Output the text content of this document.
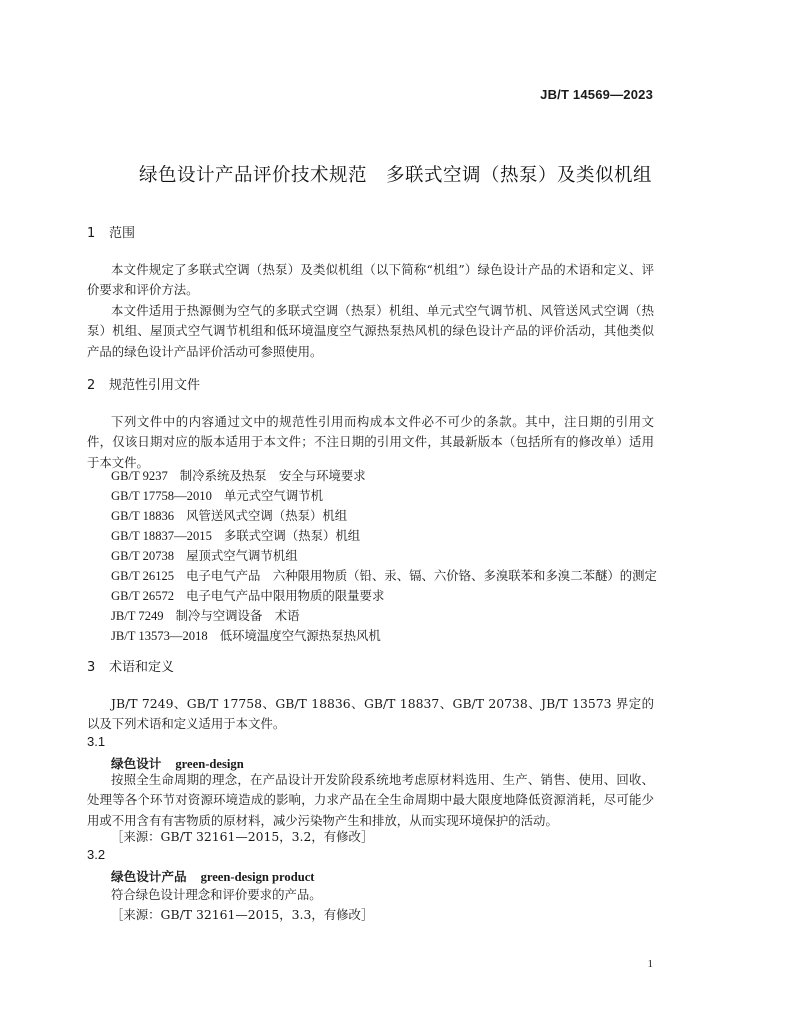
JB/T 14569—2023
绿色设计产品评价技术规范　多联式空调（热泵）及类似机组
1 范围

本文件规定了多联式空调（热泵）及类似机组（以下简称“机组”）绿色设计产品的术语和定义、评价要求和评价方法。

本文件适用于热源侧为空气的多联式空调（热泵）机组、单元式空气调节机、风管送风式空调（热泵）机组、屋顶式空气调节机组和低环境温度空气源热泵热风机的绿色设计产品的评价活动，其他类似产品的绿色设计产品评价活动可参照使用。

2 规范性引用文件

下列文件中的内容通过文中的规范性引用而构成本文件必不可少的条款。其中，注日期的引用文件，仅该日期对应的版本适用于本文件；不注日期的引用文件，其最新版本（包括所有的修改单）适用于本文件。

GB/T 9237 制冷系统及热泵　安全与环境要求
GB/T 17758—2010 单元式空气调节机
GB/T 18836 风管送风式空调（热泵）机组
GB/T 18837—2015 多联式空调（热泵）机组
GB/T 20738 屋顶式空气调节机组
GB/T 26125 电子电气产品　六种限用物质（铅、汞、镉、六价铬、多溴联苯和多溴二苯醚）的测定
GB/T 26572 电子电气产品中限用物质的限量要求
JB/T 7249 制冷与空调设备　术语
JB/T 13573—2018 低环境温度空气源热泵热风机
3 术语和定义

JB/T 7249、GB/T 17758、GB/T 18836、GB/T 18837、GB/T 20738、JB/T 13573 界定的以及下列术语和定义适用于本文件。

3.1
绿色设计 green-design

按照全生命周期的理念，在产品设计开发阶段系统地考虑原材料选用、生产、销售、使用、回收、处理等各个环节对资源环境造成的影响，力求产品在全生命周期中最大限度地降低资源消耗，尽可能少用或不用含有有害物质的原材料，减少污染物产生和排放，从而实现环境保护的活动。

［来源：GB/T 32161—2015，3.2，有修改］
3.2
绿色设计产品 green-design product
符合绿色设计理念和评价要求的产品。
［来源：GB/T 32161—2015，3.3，有修改］
1
